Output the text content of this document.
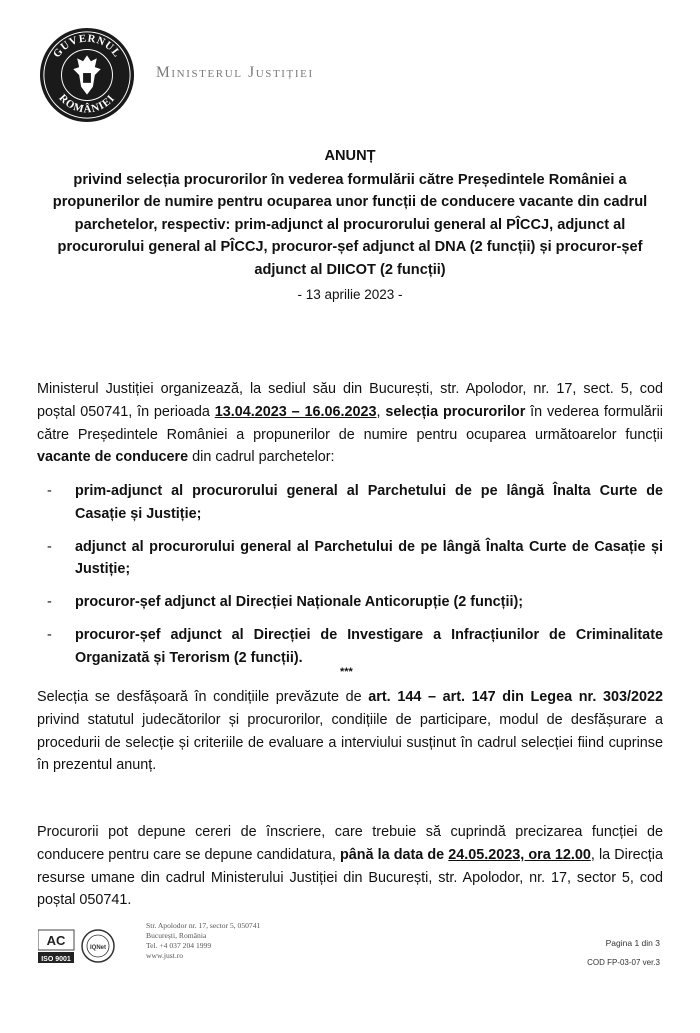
GUVERNUL
ROMÂNIEI
Ministerul Justiției
ANUNȚ
privind selecția procurorilor în vederea formulării către Președintele României a propunerilor de numire pentru ocuparea unor funcții de conducere vacante din cadrul parchetelor, respectiv: prim-adjunct al procurorului general al PÎCCJ, adjunct al procurorului general al PÎCCJ, procuror-șef adjunct al DNA (2 funcții) și procuror-șef adjunct al DIICOT (2 funcții)
- 13 aprilie 2023 -
Ministerul Justiției organizează, la sediul său din București, str. Apolodor, nr. 17, sect. 5, cod poștal 050741, în perioada 13.04.2023 – 16.06.2023, selecția procurorilor în vederea formulării către Președintele României a propunerilor de numire pentru ocuparea următoarelor funcții vacante de conducere din cadrul parchetelor:
- prim-adjunct al procurorului general al Parchetului de pe lângă Înalta Curte de Casație și Justiție;
- adjunct al procurorului general al Parchetului de pe lângă Înalta Curte de Casație și Justiție;
- procuror-șef adjunct al Direcției Naționale Anticorupție (2 funcții);
- procuror-șef adjunct al Direcției de Investigare a Infracțiunilor de Criminalitate Organizată și Terorism (2 funcții).
***
Selecția se desfășoară în condițiile prevăzute de art. 144 – art. 147 din Legea nr. 303/2022 privind statutul judecătorilor și procurorilor, condițiile de participare, modul de desfășurare a procedurii de selecție și criteriile de evaluare a interviului susținut în cadrul selecției fiind cuprinse în prezentul anunț.
Procurorii pot depune cereri de înscriere, care trebuie să cuprindă precizarea funcției de conducere pentru care se depune candidatura, până la data de 24.05.2023, ora 12.00, la Direcția resurse umane din cadrul Ministerului Justiției din București, str. Apolodor, nr. 17, sector 5, cod poștal 050741.
AC
ISO 9001
IQNet
Str. Apolodor nr. 17, sector 5, 050741
București, România
Tel. +4 037 204 1999
www.just.ro
Pagina 1 din 3
COD FP-03-07 ver.3
